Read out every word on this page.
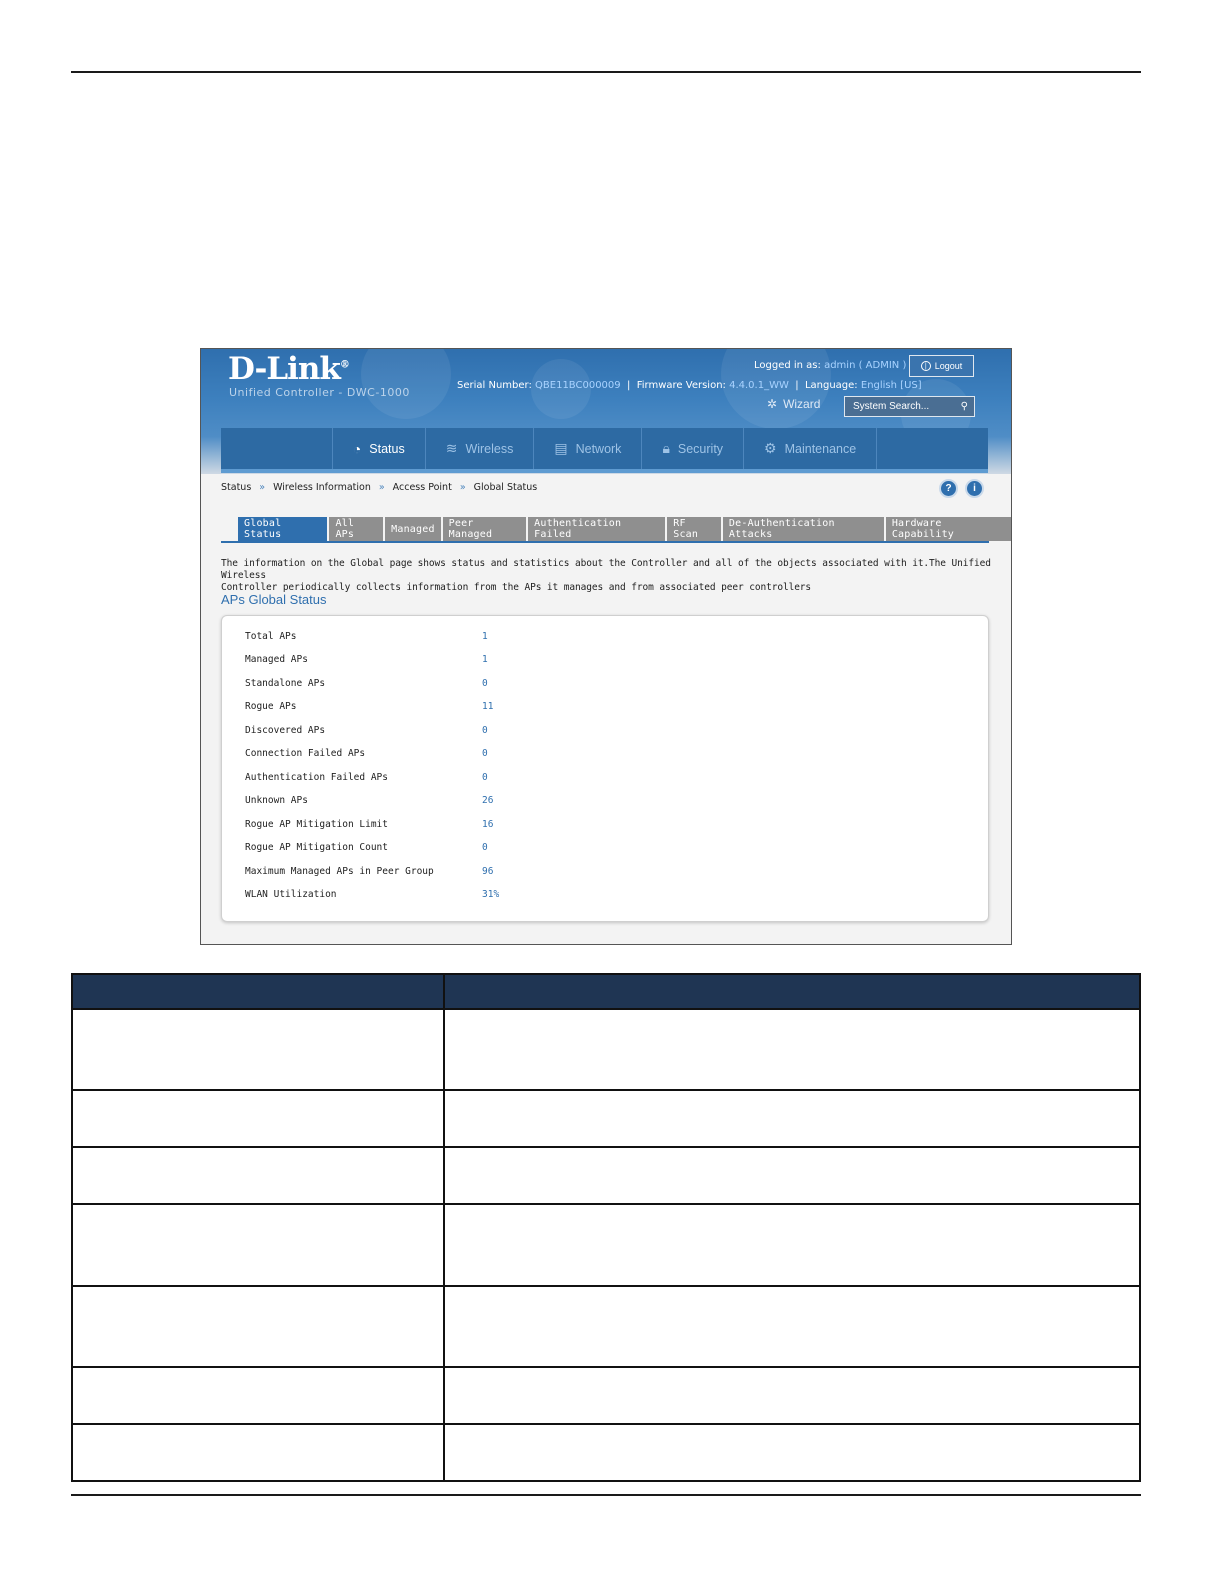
D-Link®
Unified Controller - DWC-1000
Logged in as: admin ( ADMIN )	| Logout
Serial Number: QBE11BC000009  |  Firmware Version: 4.4.0.1_WW  |  Language: English [US]
✲ Wizard	System Search...	⚲
◔ Status	≋ Wireless	▤ Network	🔒︎ Security	⚙ Maintenance
Status » Wireless Information » Access Point » Global Status	? i
Global Status
All APs	Managed	Peer Managed
Authentication Failed
RF Scan
De-Authentication Attacks
Hardware Capability
The information on the Global page shows status and statistics about the Controller and all of the objects associated with it.The Unified Wireless
Controller periodically collects information from the APs it manages and from associated peer controllers
APs Global Status
Total APs	1
Managed APs	1
Standalone APs	0
Rogue APs	11
Discovered APs	0
Connection Failed APs	0
Authentication Failed APs	0
Unknown APs	26
Rogue AP Mitigation Limit	16
Rogue AP Mitigation Count	0
Maximum Managed APs in Peer Group	96
WLAN Utilization	31%
